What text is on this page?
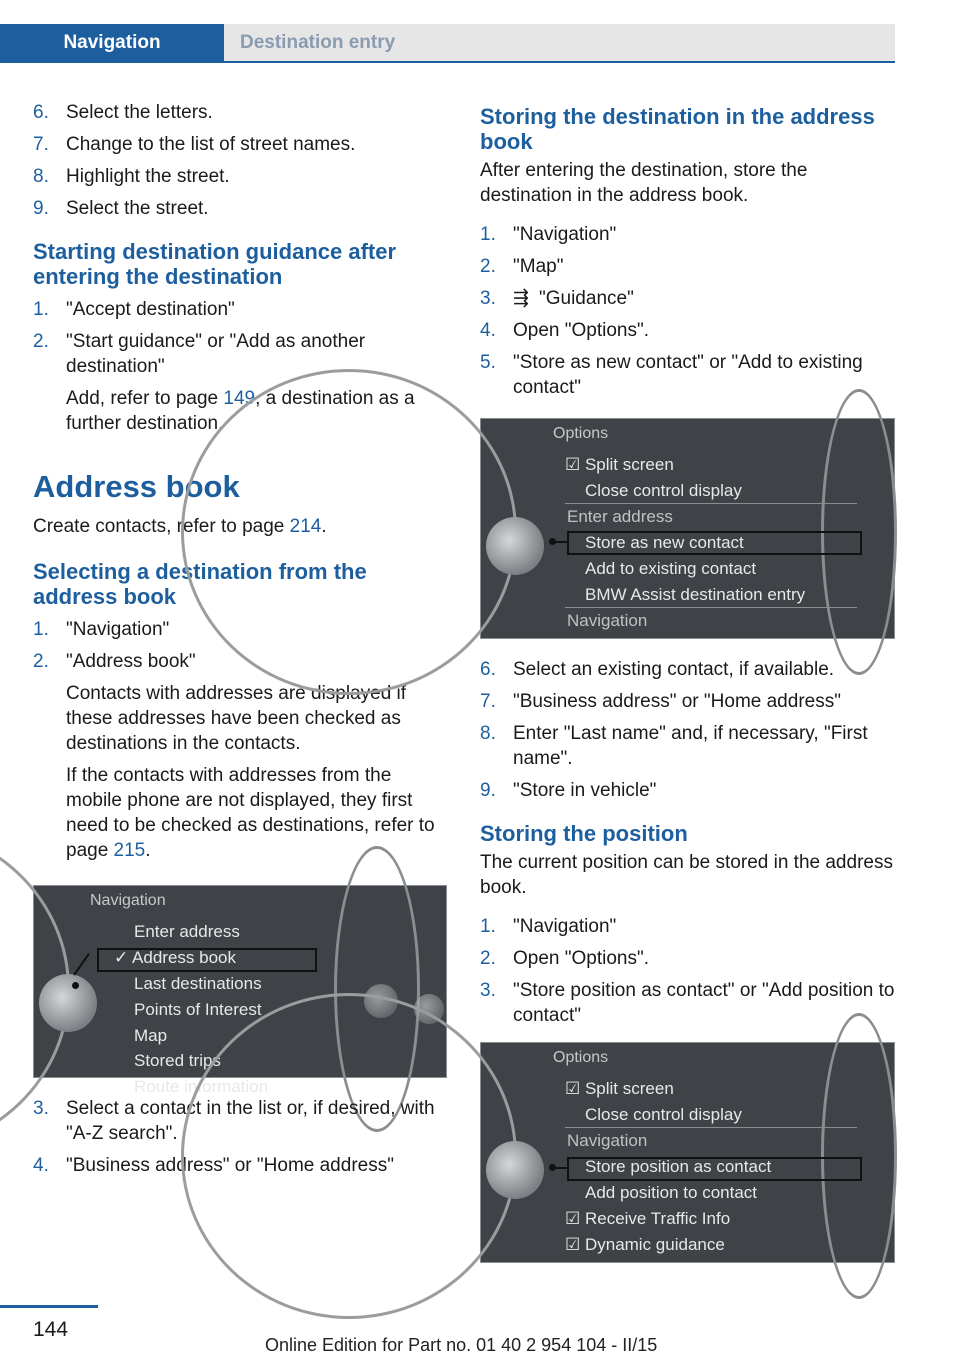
Navigation	Destination entry
6. Select the letters.
7. Change to the list of street names.
8. Highlight the street.
9. Select the street.
Starting destination guidance after entering the destination
1. "Accept destination"
2. "Start guidance" or "Add as another destination"
Add, refer to page 149, a destination as a further destination.
Address book
Create contacts, refer to page 214.
Selecting a destination from the address book
1. "Navigation"
2. "Address book"
Contacts with addresses are displayed if these addresses have been checked as destinations in the contacts.
If the contacts with addresses from the mobile phone are not displayed, they first need to be checked as destinations, refer to page 215.
Navigation
Enter address
✓ Address book
Last destinations
Points of Interest
Map
Stored trips
Route information
3. Select a contact in the list or, if desired, with "A-Z search".
4. "Business address" or "Home address"
Storing the destination in the address book
After entering the destination, store the destination in the address book.
1. "Navigation"
2. "Map"
3. ⇶ "Guidance"
4. Open "Options".
5. "Store as new contact" or "Add to existing contact"
Options
☑ Split screen
Close control display
Enter address
Store as new contact
Add to existing contact
BMW Assist destination entry
Navigation
6. Select an existing contact, if available.
7. "Business address" or "Home address"
8. Enter "Last name" and, if necessary, "First name".
9. "Store in vehicle"
Storing the position
The current position can be stored in the address book.
1. "Navigation"
2. Open "Options".
3. "Store position as contact" or "Add position to contact"
Options
☑ Split screen
Close control display
Navigation
Store position as contact
Add position to contact
☑ Receive Traffic Info
☑ Dynamic guidance
144
Online Edition for Part no. 01 40 2 954 104 - II/15
